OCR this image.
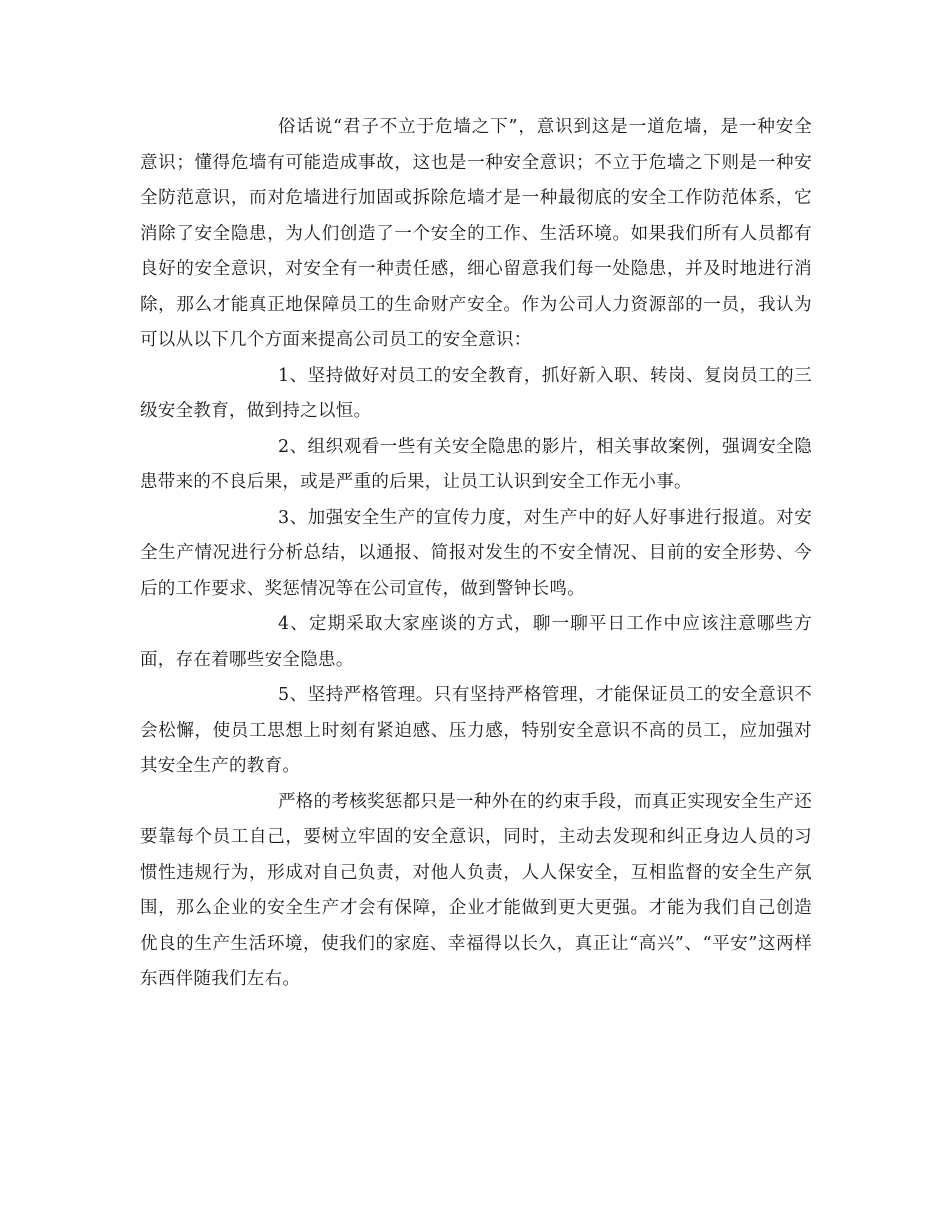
俗话说“君子不立于危墙之下”，意识到这是一道危墙，是一种安全意识；懂得危墙有可能造成事故，这也是一种安全意识；不立于危墙之下则是一种安全防范意识，而对危墙进行加固或拆除危墙才是一种最彻底的安全工作防范体系，它消除了安全隐患，为人们创造了一个安全的工作、生活环境。如果我们所有人员都有良好的安全意识，对安全有一种责任感，细心留意我们每一处隐患，并及时地进行消除，那么才能真正地保障员工的生命财产安全。作为公司人力资源部的一员，我认为可以从以下几个方面来提高公司员工的安全意识：

1、坚持做好对员工的安全教育，抓好新入职、转岗、复岗员工的三级安全教育，做到持之以恒。

2、组织观看一些有关安全隐患的影片，相关事故案例，强调安全隐患带来的不良后果，或是严重的后果，让员工认识到安全工作无小事。

3、加强安全生产的宣传力度，对生产中的好人好事进行报道。对安全生产情况进行分析总结，以通报、简报对发生的不安全情况、目前的安全形势、今后的工作要求、奖惩情况等在公司宣传，做到警钟长鸣。

4、定期采取大家座谈的方式，聊一聊平日工作中应该注意哪些方面，存在着哪些安全隐患。

5、坚持严格管理。只有坚持严格管理，才能保证员工的安全意识不会松懈，使员工思想上时刻有紧迫感、压力感，特别安全意识不高的员工，应加强对其安全生产的教育。

严格的考核奖惩都只是一种外在的约束手段，而真正实现安全生产还要靠每个员工自己，要树立牢固的安全意识，同时，主动去发现和纠正身边人员的习惯性违规行为，形成对自己负责，对他人负责，人人保安全，互相监督的安全生产氛围，那么企业的安全生产才会有保障，企业才能做到更大更强。才能为我们自己创造优良的生产生活环境，使我们的家庭、幸福得以长久，真正让“高兴”、“平安”这两样东西伴随我们左右。
